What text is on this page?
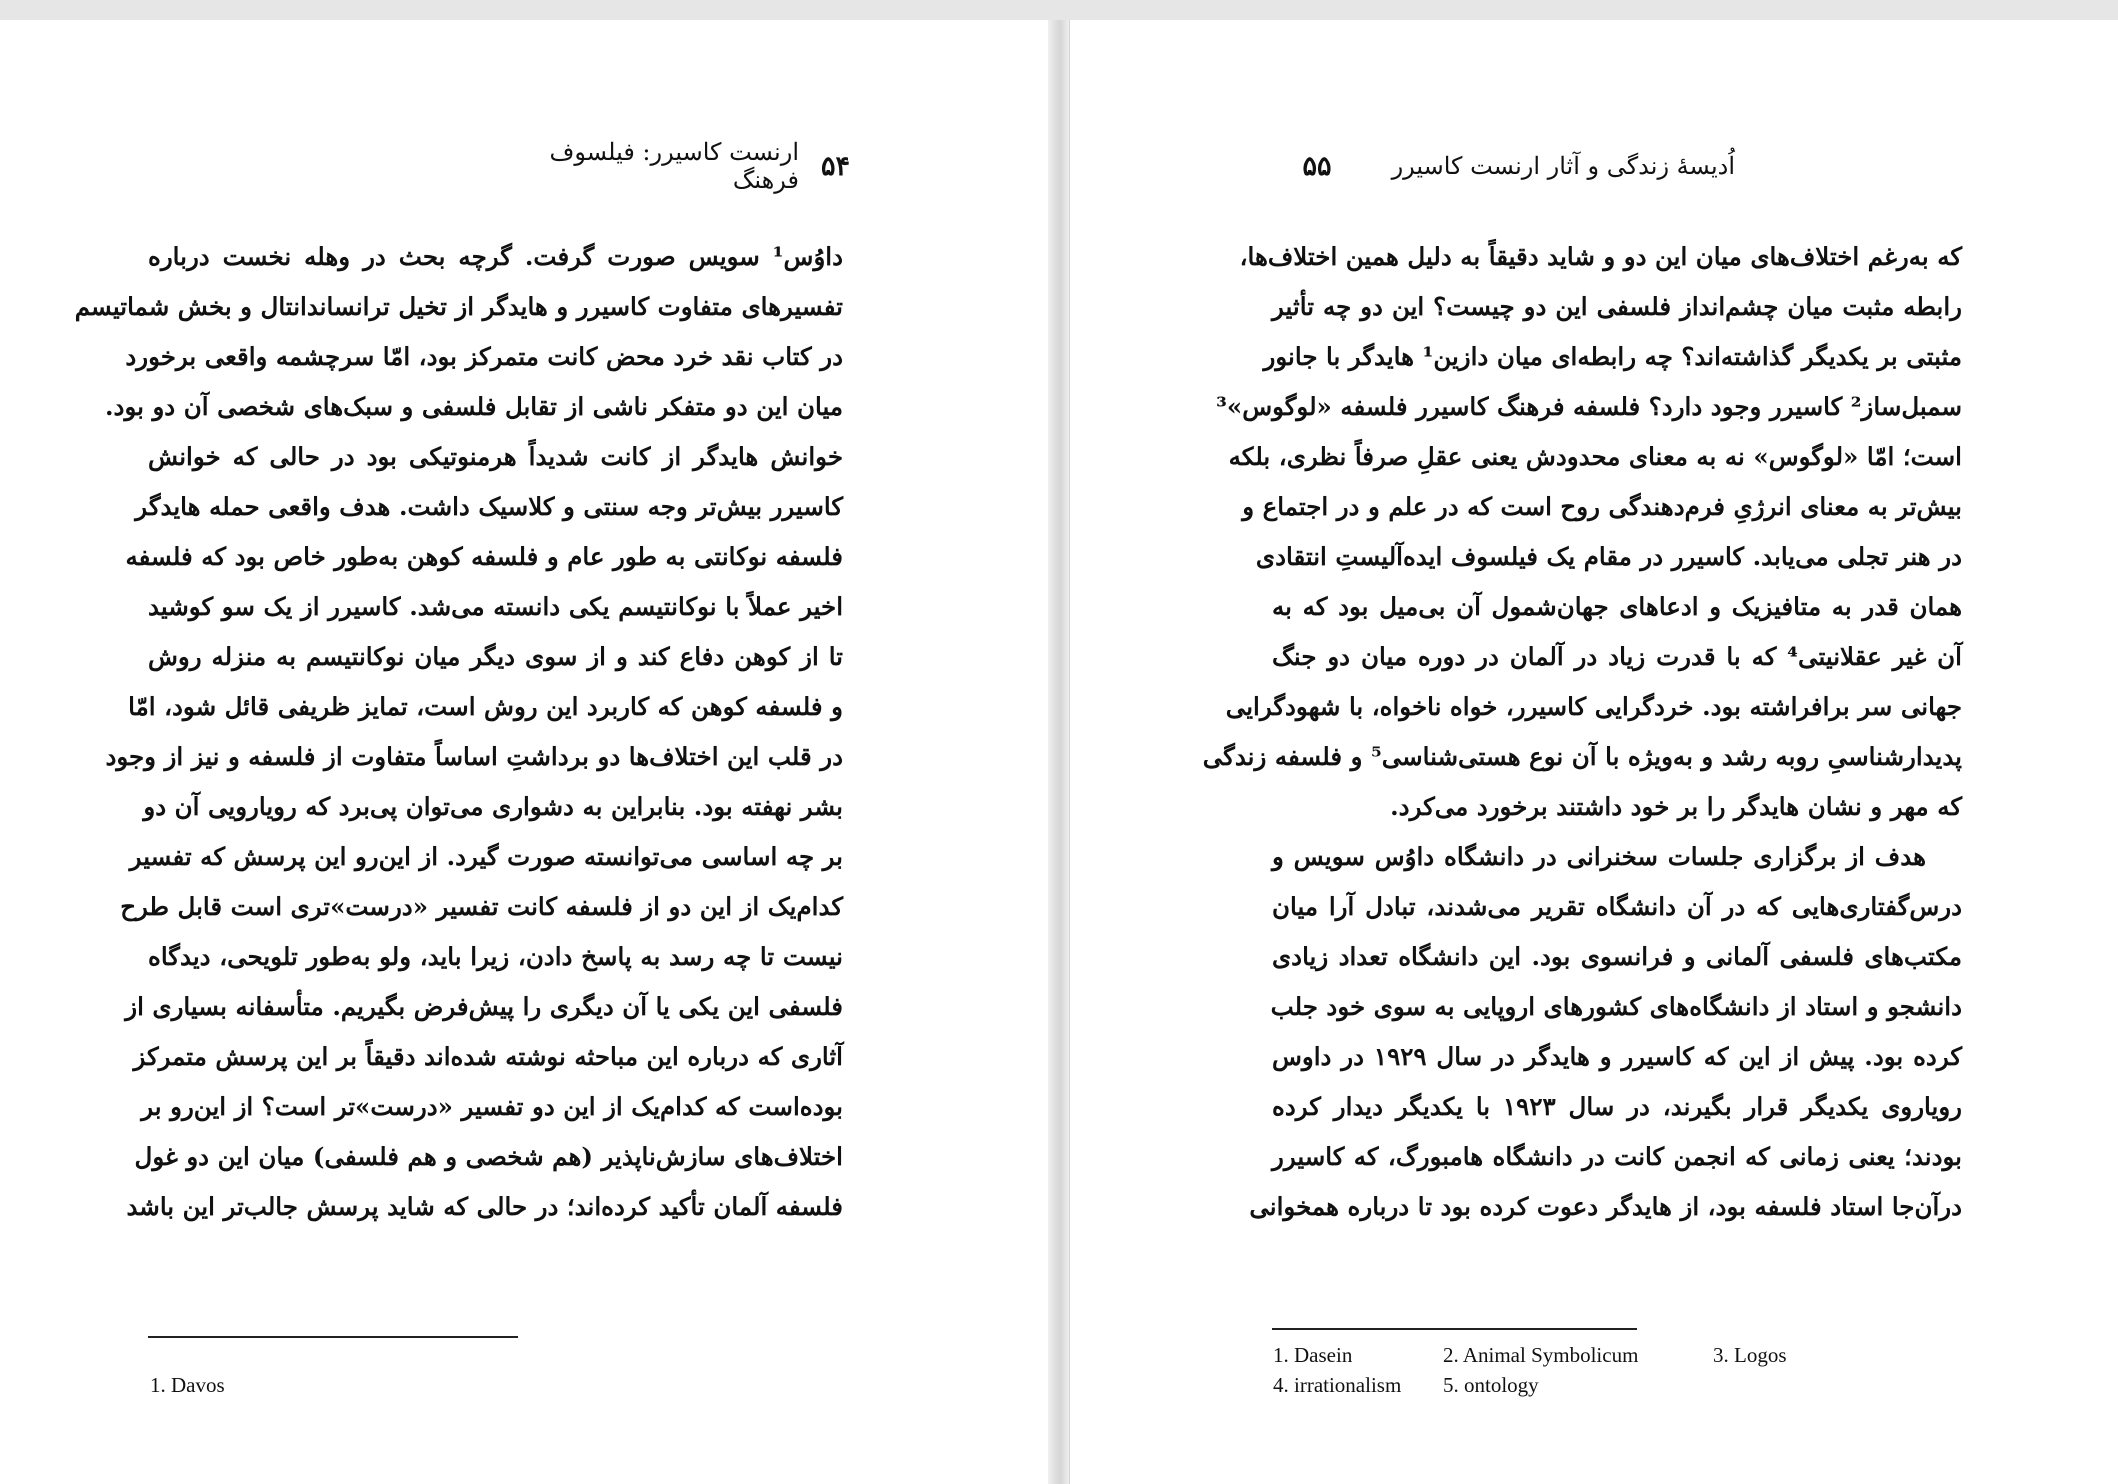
۵۴
ارنست کاسیرر: فیلسوف فرهنگ
داوُس¹ سویس صورت گرفت. گرچه بحث در وهله نخست درباره
تفسیرهای متفاوت کاسیرر و هایدگر از تخیل ترانساندانتال و بخش شماتیسم
در کتاب نقد خرد محض کانت متمرکز بود، امّا سرچشمه واقعی برخورد
میان این دو متفکر ناشی از تقابل فلسفی و سبک‌های شخصی آن دو بود.
خوانش هایدگر از کانت شدیداً هرمنوتیکی بود در حالی که خوانش
کاسیرر بیش‌تر وجه سنتی و کلاسیک داشت. هدف واقعی حمله هایدگر
فلسفه نوکانتی به طور عام و فلسفه کوهن به‌طور خاص بود که فلسفه
اخیر عملاً با نوکانتیسم یکی دانسته می‌شد. کاسیرر از یک سو کوشید
تا از کوهن دفاع کند و از سوی دیگر میان نوکانتیسم به منزله روش
و فلسفه کوهن که کاربرد این روش است، تمایز ظریفی قائل شود، امّا
در قلب این اختلاف‌ها دو برداشتِ اساساً متفاوت از فلسفه و نیز از وجود
بشر نهفته بود. بنابراین به دشواری می‌توان پی‌برد که رویارویی آن دو
بر چه اساسی می‌توانسته صورت گیرد. از این‌رو این پرسش که تفسیر
کدام‌یک از این دو از فلسفه کانت تفسیر «درست»تری است قابل طرح
نیست تا چه رسد به پاسخ دادن، زیرا باید، ولو به‌طور تلویحی، دیدگاه
فلسفی این یکی یا آن دیگری را پیش‌فرض بگیریم. متأسفانه بسیاری از
آثاری که درباره این مباحثه نوشته شده‌اند دقیقاً بر این پرسش متمرکز
بوده‌است که کدام‌یک از این دو تفسیر «درست»تر است؟ از این‌رو بر
اختلاف‌های سازش‌ناپذیر (هم شخصی و هم فلسفی) میان این دو غول
فلسفه آلمان تأکید کرده‌اند؛ در حالی که شاید پرسش جالب‌تر این باشد
1. Davos
اُدیسهٔ زندگی و آثار ارنست کاسیرر
۵۵
که به‌رغم اختلاف‌های میان این دو و شاید دقیقاً به دلیل همین اختلاف‌ها،
رابطه مثبت میان چشم‌انداز فلسفی این دو چیست؟ این دو چه تأثیر
مثبتی بر یکدیگر گذاشته‌اند؟ چه رابطه‌ای میان دازین¹ هایدگر با جانور
سمبل‌ساز² کاسیرر وجود دارد؟ فلسفه فرهنگ کاسیرر فلسفه «لوگوس»³
است؛ امّا «لوگوس» نه به معنای محدودش یعنی عقلِ صرفاً نظری، بلکه
بیش‌تر به معنای انرژیِ فرم‌دهندگی روح است که در علم و در اجتماع و
در هنر تجلی می‌یابد. کاسیرر در مقام یک فیلسوف ایده‌آلیستِ انتقادی
همان قدر به متافیزیک و ادعاهای جهان‌شمول آن بی‌میل بود که به
آن غیر عقلانیتی⁴ که با قدرت زیاد در آلمان در دوره میان دو جنگ
جهانی سر برافراشته بود. خردگرایی کاسیرر، خواه ناخواه، با شهودگرایی
پدیدارشناسیِ روبه رشد و به‌ویژه با آن نوع هستی‌شناسی⁵ و فلسفه زندگی
که مهر و نشان هایدگر را بر خود داشتند برخورد می‌کرد.
هدف از برگزاری جلسات سخنرانی در دانشگاه داوُس سویس و
درس‌گفتاری‌هایی که در آن دانشگاه تقریر می‌شدند، تبادل آرا میان
مکتب‌های فلسفی آلمانی و فرانسوی بود. این دانشگاه تعداد زیادی
دانشجو و استاد از دانشگاه‌های کشورهای اروپایی به سوی خود جلب
کرده بود. پیش از این که کاسیرر و هایدگر در سال ۱۹۲۹ در داوس
رویاروی یکدیگر قرار بگیرند، در سال ۱۹۲۳ با یکدیگر دیدار کرده
بودند؛ یعنی زمانی که انجمن کانت در دانشگاه هامبورگ، که کاسیرر
درآن‌جا استاد فلسفه بود، از هایدگر دعوت کرده بود تا درباره همخوانی
1. Dasein	2. Animal Symbolicum	3. Logos
4. irrationalism	5. ontology
